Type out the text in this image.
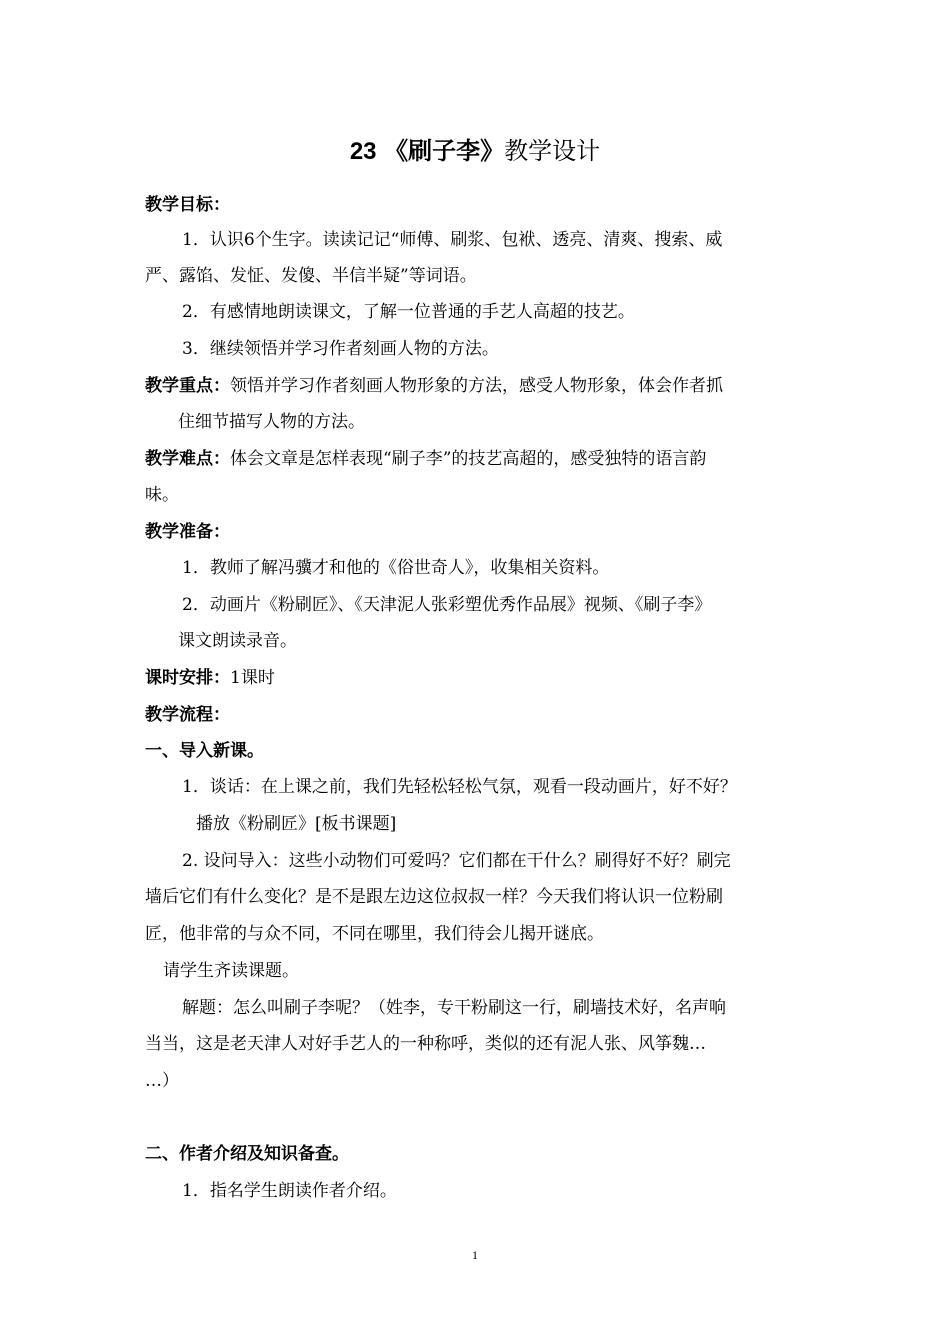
23 《刷子李》教学设计
教学目标：
1．认识6个生字。读读记记“师傅、刷浆、包袱、透亮、清爽、搜索、威
严、露馅、发怔、发傻、半信半疑”等词语。
2．有感情地朗读课文，了解一位普通的手艺人高超的技艺。
3．继续领悟并学习作者刻画人物的方法。
教学重点：领悟并学习作者刻画人物形象的方法，感受人物形象，体会作者抓
住细节描写人物的方法。
教学难点：体会文章是怎样表现“刷子李”的技艺高超的，感受独特的语言韵
味。
教学准备：
1．教师了解冯骥才和他的《俗世奇人》，收集相关资料。
2．动画片《粉刷匠》、《天津泥人张彩塑优秀作品展》视频、《刷子李》
课文朗读录音。
课时安排：1课时
教学流程：
一、导入新课。
1．谈话：在上课之前，我们先轻松轻松气氛，观看一段动画片，好不好？
播放《粉刷匠》[板书课题]
2. 设问导入：这些小动物们可爱吗？它们都在干什么？刷得好不好？刷完
墙后它们有什么变化？是不是跟左边这位叔叔一样？今天我们将认识一位粉刷
匠，他非常的与众不同，不同在哪里，我们待会儿揭开谜底。
请学生齐读课题。
解题：怎么叫刷子李呢？（姓李，专干粉刷这一行，刷墙技术好，名声响
当当，这是老天津人对好手艺人的一种称呼，类似的还有泥人张、风筝魏…
…）
二、作者介绍及知识备查。
1．指名学生朗读作者介绍。
1
